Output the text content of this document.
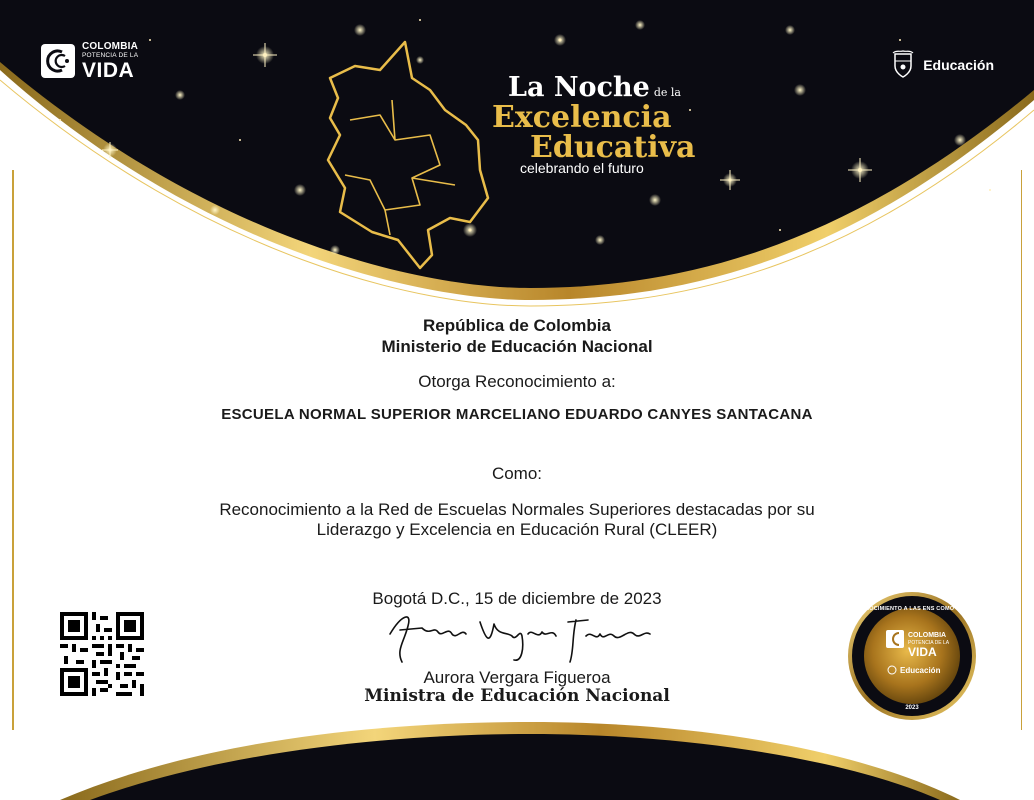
COLOMBIA
POTENCIA DE LA
VIDA	Educación
La Noche de la
Excelencia
Educativa
celebrando el futuro
República de Colombia
Ministerio de Educación Nacional
Otorga Reconocimiento a:
ESCUELA NORMAL SUPERIOR MARCELIANO EDUARDO CANYES SANTACANA
Como:
Reconocimiento a la Red de Escuelas Normales Superiores destacadas por su
Liderazgo y Excelencia en Educación Rural (CLEER)
Bogotá D.C., 15 de diciembre de 2023
Aurora Vergara Figueroa
Ministra de Educación Nacional
RECONOCIMIENTO A LAS ENS COMO CLEER
COLOMBIA
POTENCIA DE LA
VIDA
Educación
2023
